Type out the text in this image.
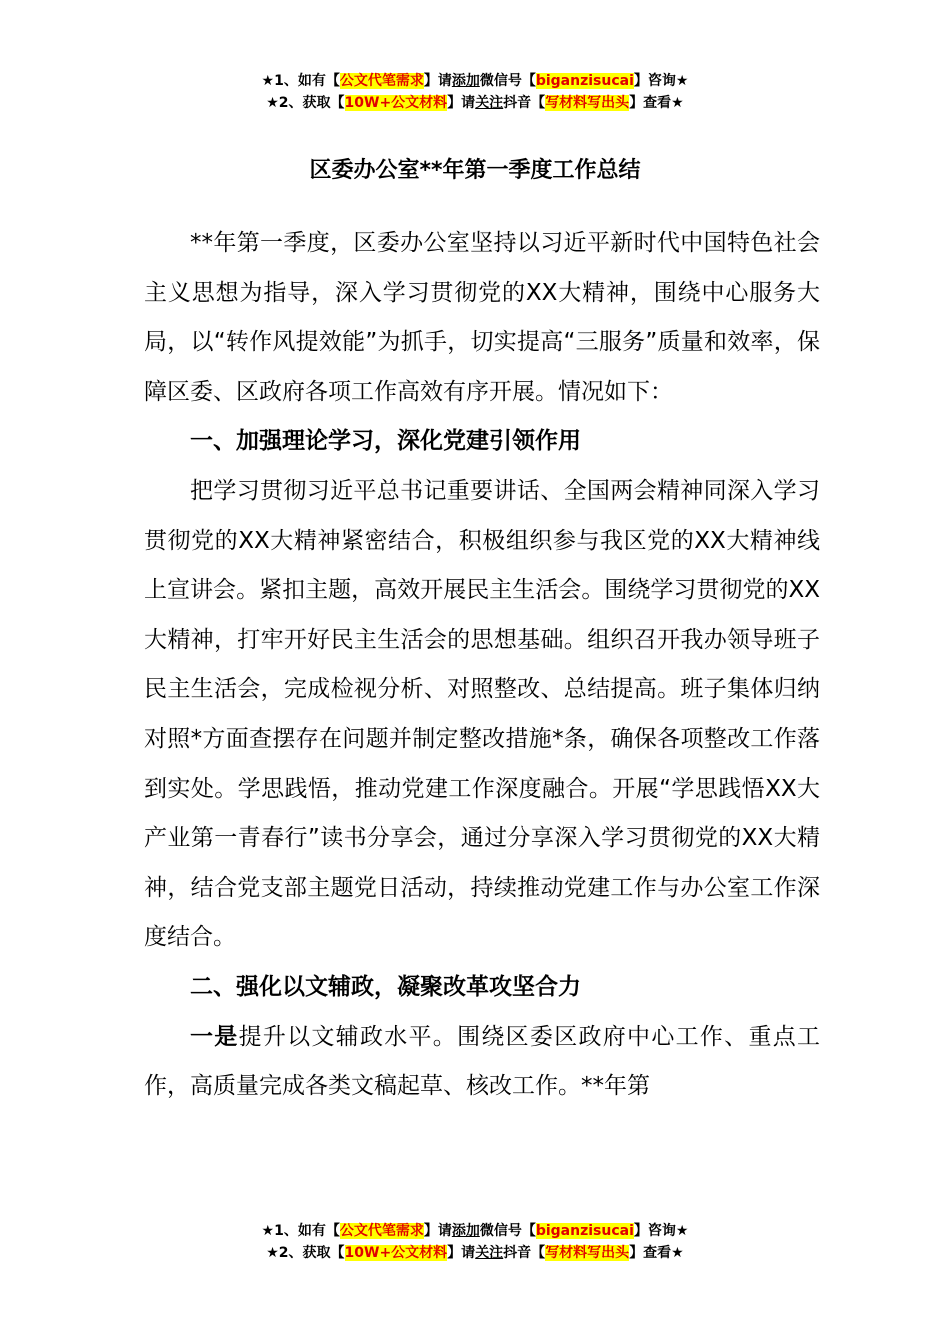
★1、如有【公文代笔需求】请添加微信号【biganzisucai】咨询★
★2、获取【10W+公文材料】请关注抖音【写材料写出头】查看★
区委办公室**年第一季度工作总结

**年第一季度，区委办公室坚持以习近平新时代中国特色社会主义思想为指导，深入学习贯彻党的XX大精神，围绕中心服务大局，以“转作风提效能”为抓手，切实提高“三服务”质量和效率，保障区委、区政府各项工作高效有序开展。情况如下：

一、加强理论学习，深化党建引领作用

把学习贯彻习近平总书记重要讲话、全国两会精神同深入学习贯彻党的XX大精神紧密结合，积极组织参与我区党的XX大精神线上宣讲会。紧扣主题，高效开展民主生活会。围绕学习贯彻党的XX大精神，打牢开好民主生活会的思想基础。组织召开我办领导班子民主生活会，完成检视分析、对照整改、总结提高。班子集体归纳对照*方面查摆存在问题并制定整改措施*条，确保各项整改工作落到实处。学思践悟，推动党建工作深度融合。开展“学思践悟XX大产业第一青春行”读书分享会，通过分享深入学习贯彻党的XX大精神，结合党支部主题党日活动，持续推动党建工作与办公室工作深度结合。

二、强化以文辅政，凝聚改革攻坚合力

一是提升以文辅政水平。围绕区委区政府中心工作、重点工作，高质量完成各类文稿起草、核改工作。**年第

★1、如有【公文代笔需求】请添加微信号【biganzisucai】咨询★
★2、获取【10W+公文材料】请关注抖音【写材料写出头】查看★
